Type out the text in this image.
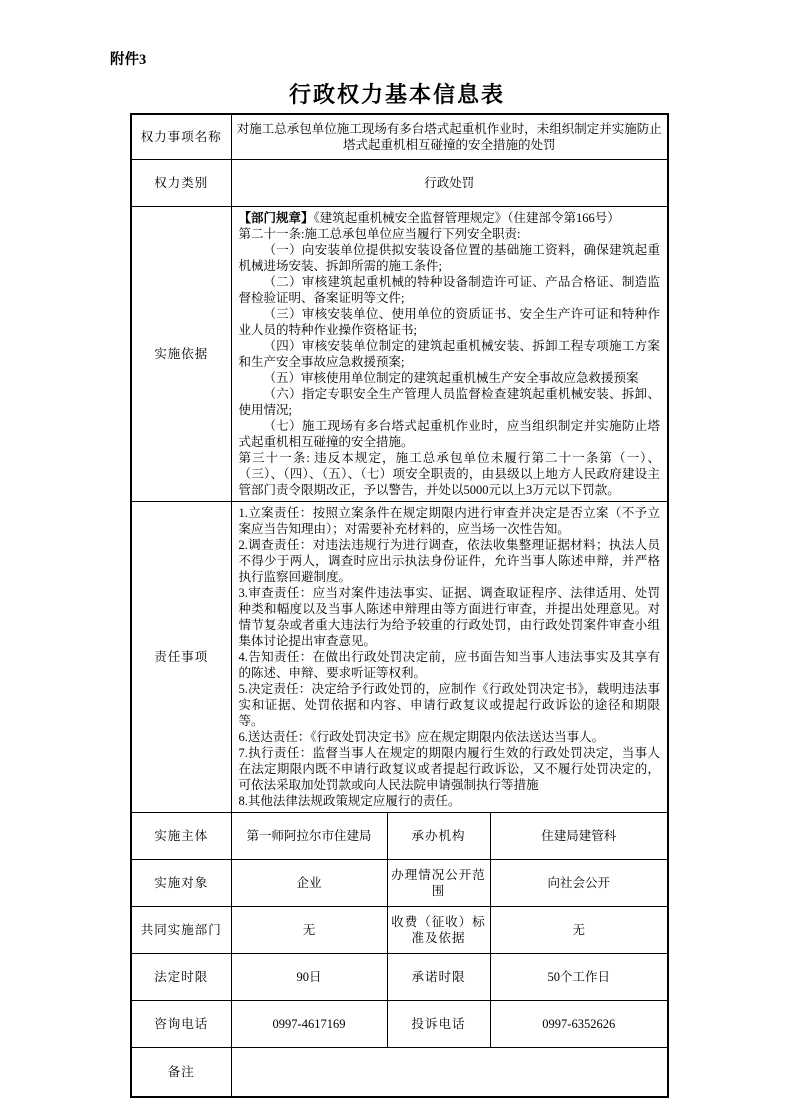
附件3
行政权力基本信息表
权力事项名称	对施工总承包单位施工现场有多台塔式起重机作业时，未组织制定并实施防止塔式起重机相互碰撞的安全措施的处罚		
权力类别	行政处罚		
实施依据	
【部门规章】《建筑起重机械安全监督管理规定》（住建部令第166号）
第二十一条:施工总承包单位应当履行下列安全职责:
（一）向安装单位提供拟安装设备位置的基础施工资料，确保建筑起重机械进场安装、拆卸所需的施工条件;
（二）审核建筑起重机械的特种设备制造许可证、产品合格证、制造监督检验证明、备案证明等文件;
（三）审核安装单位、使用单位的资质证书、安全生产许可证和特种作业人员的特种作业操作资格证书;
（四）审核安装单位制定的建筑起重机械安装、拆卸工程专项施工方案和生产安全事故应急救援预案;
（五）审核使用单位制定的建筑起重机械生产安全事故应急救援预案
（六）指定专职安全生产管理人员监督检查建筑起重机械安装、拆卸、使用情况;
（七）施工现场有多台塔式起重机作业时，应当组织制定并实施防止塔式起重机相互碰撞的安全措施。
第三十一条: 违反本规定，施工总承包单位未履行第二十一条第（一）、（三）、（四）、（五）、（七）项安全职责的，由县级以上地方人民政府建设主管部门责令限期改正，予以警告，并处以5000元以上3万元以下罚款。

责任事项	
1.立案责任：按照立案条件在规定期限内进行审查并决定是否立案（不予立案应当告知理由）；对需要补充材料的，应当场一次性告知。
2.调查责任：对违法违规行为进行调查，依法收集整理证据材料；执法人员不得少于两人，调查时应出示执法身份证件，允许当事人陈述申辩，并严格执行监察回避制度。
3.审查责任：应当对案件违法事实、证据、调查取证程序、法律适用、处罚种类和幅度以及当事人陈述申辩理由等方面进行审查，并提出处理意见。对情节复杂或者重大违法行为给予较重的行政处罚，由行政处罚案件审查小组集体讨论提出审查意见。
4.告知责任：在做出行政处罚决定前，应书面告知当事人违法事实及其享有的陈述、申辩、要求听证等权利。
5.决定责任：决定给予行政处罚的，应制作《行政处罚决定书》，载明违法事实和证据、处罚依据和内容、申请行政复议或提起行政诉讼的途径和期限等。
6.送达责任：《行政处罚决定书》应在规定期限内依法送达当事人。
7.执行责任：监督当事人在规定的期限内履行生效的行政处罚决定，当事人在法定期限内既不申请行政复议或者提起行政诉讼，又不履行处罚决定的，可依法采取加处罚款或向人民法院申请强制执行等措施
8.其他法律法规政策规定应履行的责任。

实施主体	第一师阿拉尔市住建局	承办机构	住建局建管科
实施对象	企业	办理情况公开范围	向社会公开
共同实施部门	无	收费（征收）标准及依据	无
法定时限	90日	承诺时限	50个工作日
咨询电话	0997-4617169	投诉电话	0997-6352626
备注			
